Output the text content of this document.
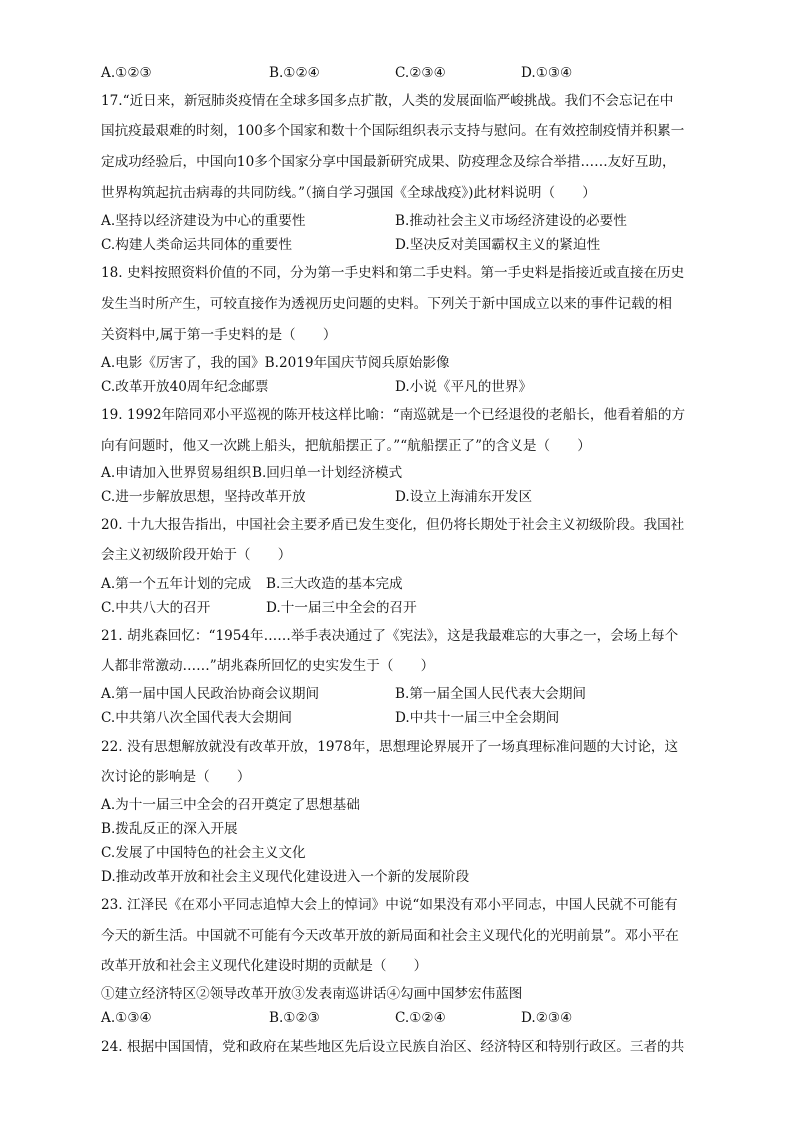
A.①②③	B.①②④	C.②③④	D.①③④
17.“近日来，新冠肺炎疫情在全球多国多点扩散，人类的发展面临严峻挑战。我们不会忘记在中
国抗疫最艰难的时刻，100多个国家和数十个国际组织表示支持与慰问。在有效控制疫情并积累一
定成功经验后，中国向10多个国家分享中国最新研究成果、防疫理念及综合举措……友好互助，
世界构筑起抗击病毒的共同防线。”（摘自学习强国《全球战疫》)此材料说明（　　）
A.坚持以经济建设为中心的重要性	B.推动社会主义市场经济建设的必要性
C.构建人类命运共同体的重要性	D.坚决反对美国霸权主义的紧迫性
18. 史料按照资料价值的不同，分为第一手史料和第二手史料。第一手史料是指接近或直接在历史
发生当时所产生，可较直接作为透视历史问题的史料。下列关于新中国成立以来的事件记载的相
关资料中,属于第一手史料的是（　　）
A.电影《厉害了，我的国》B.2019年国庆节阅兵原始影像
C.改革开放40周年纪念邮票	D.小说《平凡的世界》
19. 1992年陪同邓小平巡视的陈开枝这样比喻：“南巡就是一个已经退役的老船长，他看着船的方
向有问题时，他又一次跳上船头，把航船摆正了。”“航船摆正了”的含义是（　　）
A.申请加入世界贸易组织 B.回归单一计划经济模式
C.进一步解放思想，坚持改革开放	D.设立上海浦东开发区
20. 十九大报告指出，中国社会主要矛盾已发生变化，但仍将长期处于社会主义初级阶段。我国社
会主义初级阶段开始于（　　）
A.第一个五年计划的完成 B.三大改造的基本完成
C.中共八大的召开	D.十一届三中全会的召开
21. 胡兆森回忆：“1954年……举手表决通过了《宪法》，这是我最难忘的大事之一，会场上每个
人都非常激动……”胡兆森所回忆的史实发生于（　　）
A.第一届中国人民政治协商会议期间	B.第一届全国人民代表大会期间
C.中共第八次全国代表大会期间	D.中共十一届三中全会期间
22. 没有思想解放就没有改革开放，1978年，思想理论界展开了一场真理标准问题的大讨论，这
次讨论的影响是（　　）
A.为十一届三中全会的召开奠定了思想基础
B.拨乱反正的深入开展
C.发展了中国特色的社会主义文化
D.推动改革开放和社会主义现代化建设进入一个新的发展阶段
23. 江泽民《在邓小平同志追悼大会上的悼词》中说“如果没有邓小平同志，中国人民就不可能有
今天的新生活。中国就不可能有今天改革开放的新局面和社会主义现代化的光明前景”。邓小平在
改革开放和社会主义现代化建设时期的贡献是（　　）
①建立经济特区②领导改革开放③发表南巡讲话④勾画中国梦宏伟蓝图
A.①③④	B.①②③	C.①②④	D.②③④
24. 根据中国国情，党和政府在某些地区先后设立民族自治区、经济特区和特别行政区。三者的共
